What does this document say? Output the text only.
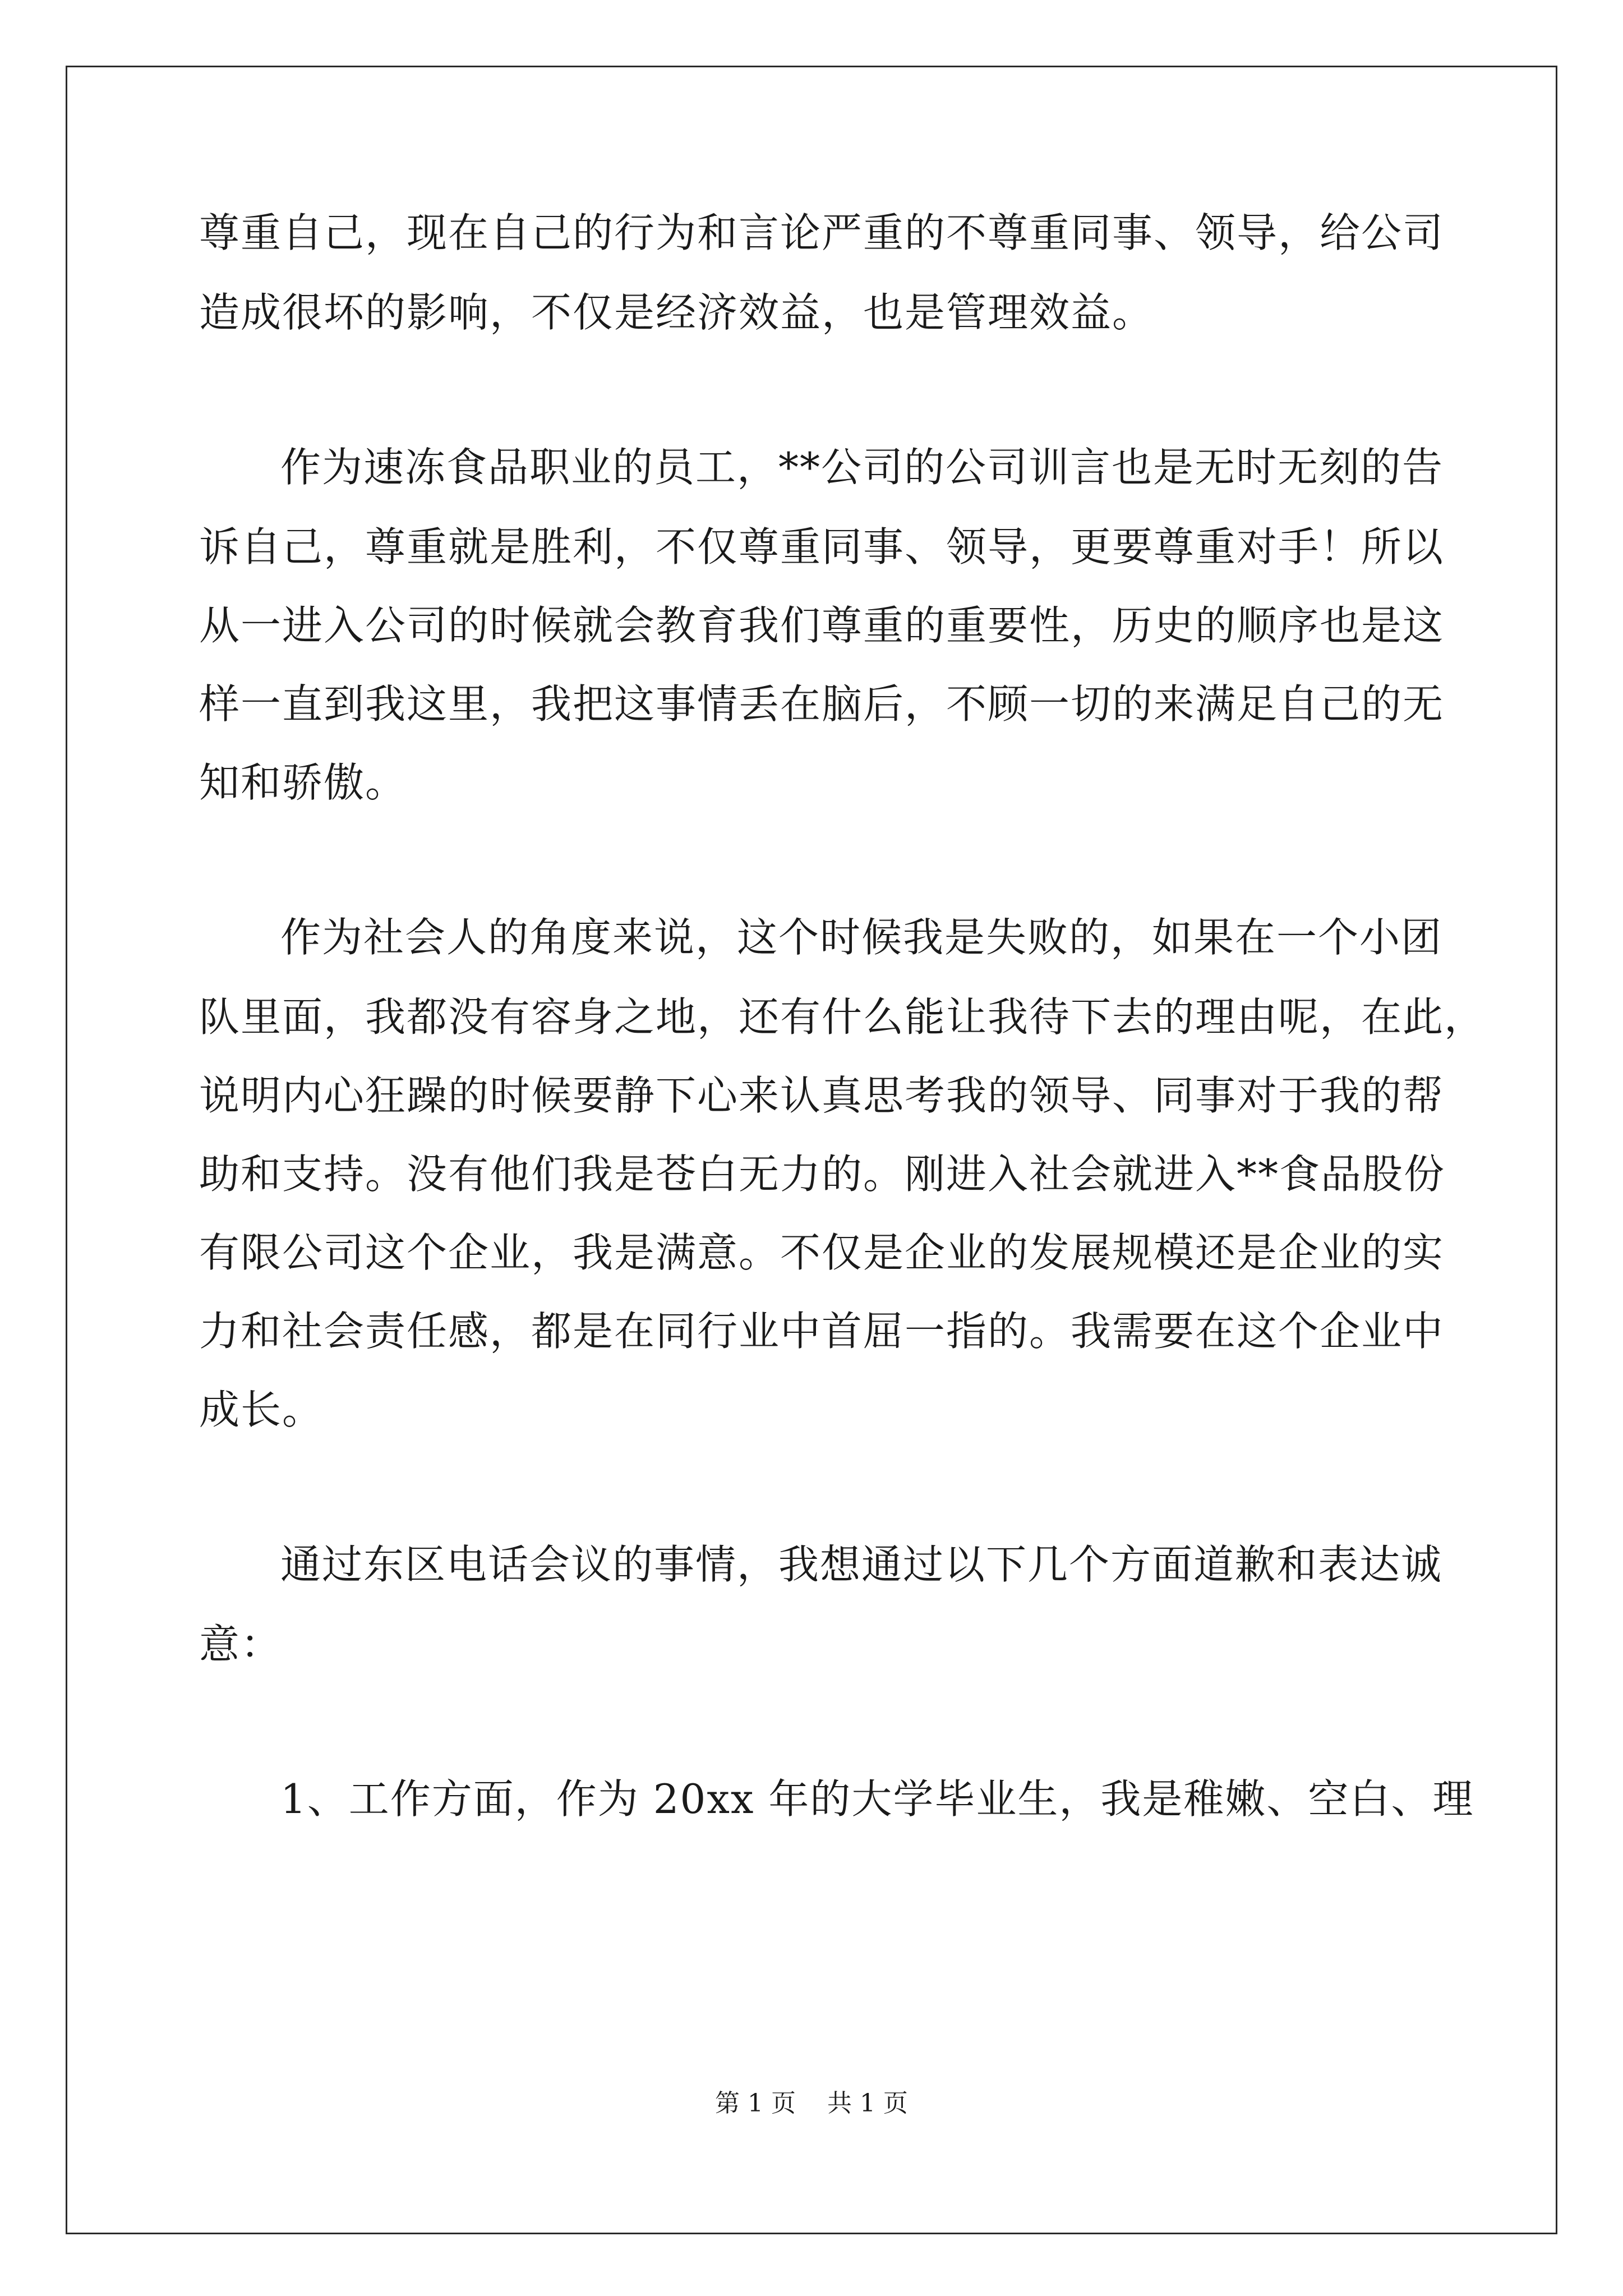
尊重自己，现在自己的行为和言论严重的不尊重同事、领导，给公司
造成很坏的影响，不仅是经济效益，也是管理效益。
作为速冻食品职业的员工，**公司的公司训言也是无时无刻的告
诉自己，尊重就是胜利，不仅尊重同事、领导，更要尊重对手！所以
从一进入公司的时候就会教育我们尊重的重要性，历史的顺序也是这
样一直到我这里，我把这事情丢在脑后，不顾一切的来满足自己的无
知和骄傲。
作为社会人的角度来说，这个时候我是失败的，如果在一个小团
队里面，我都没有容身之地，还有什么能让我待下去的理由呢，在此，
说明内心狂躁的时候要静下心来认真思考我的领导、同事对于我的帮
助和支持。没有他们我是苍白无力的。刚进入社会就进入**食品股份
有限公司这个企业，我是满意。不仅是企业的发展规模还是企业的实
力和社会责任感，都是在同行业中首屈一指的。我需要在这个企业中
成长。
通过东区电话会议的事情，我想通过以下几个方面道歉和表达诚
意：
1、工作方面，作为 20xx 年的大学毕业生，我是稚嫩、空白、理
第 1 页    共 1 页
